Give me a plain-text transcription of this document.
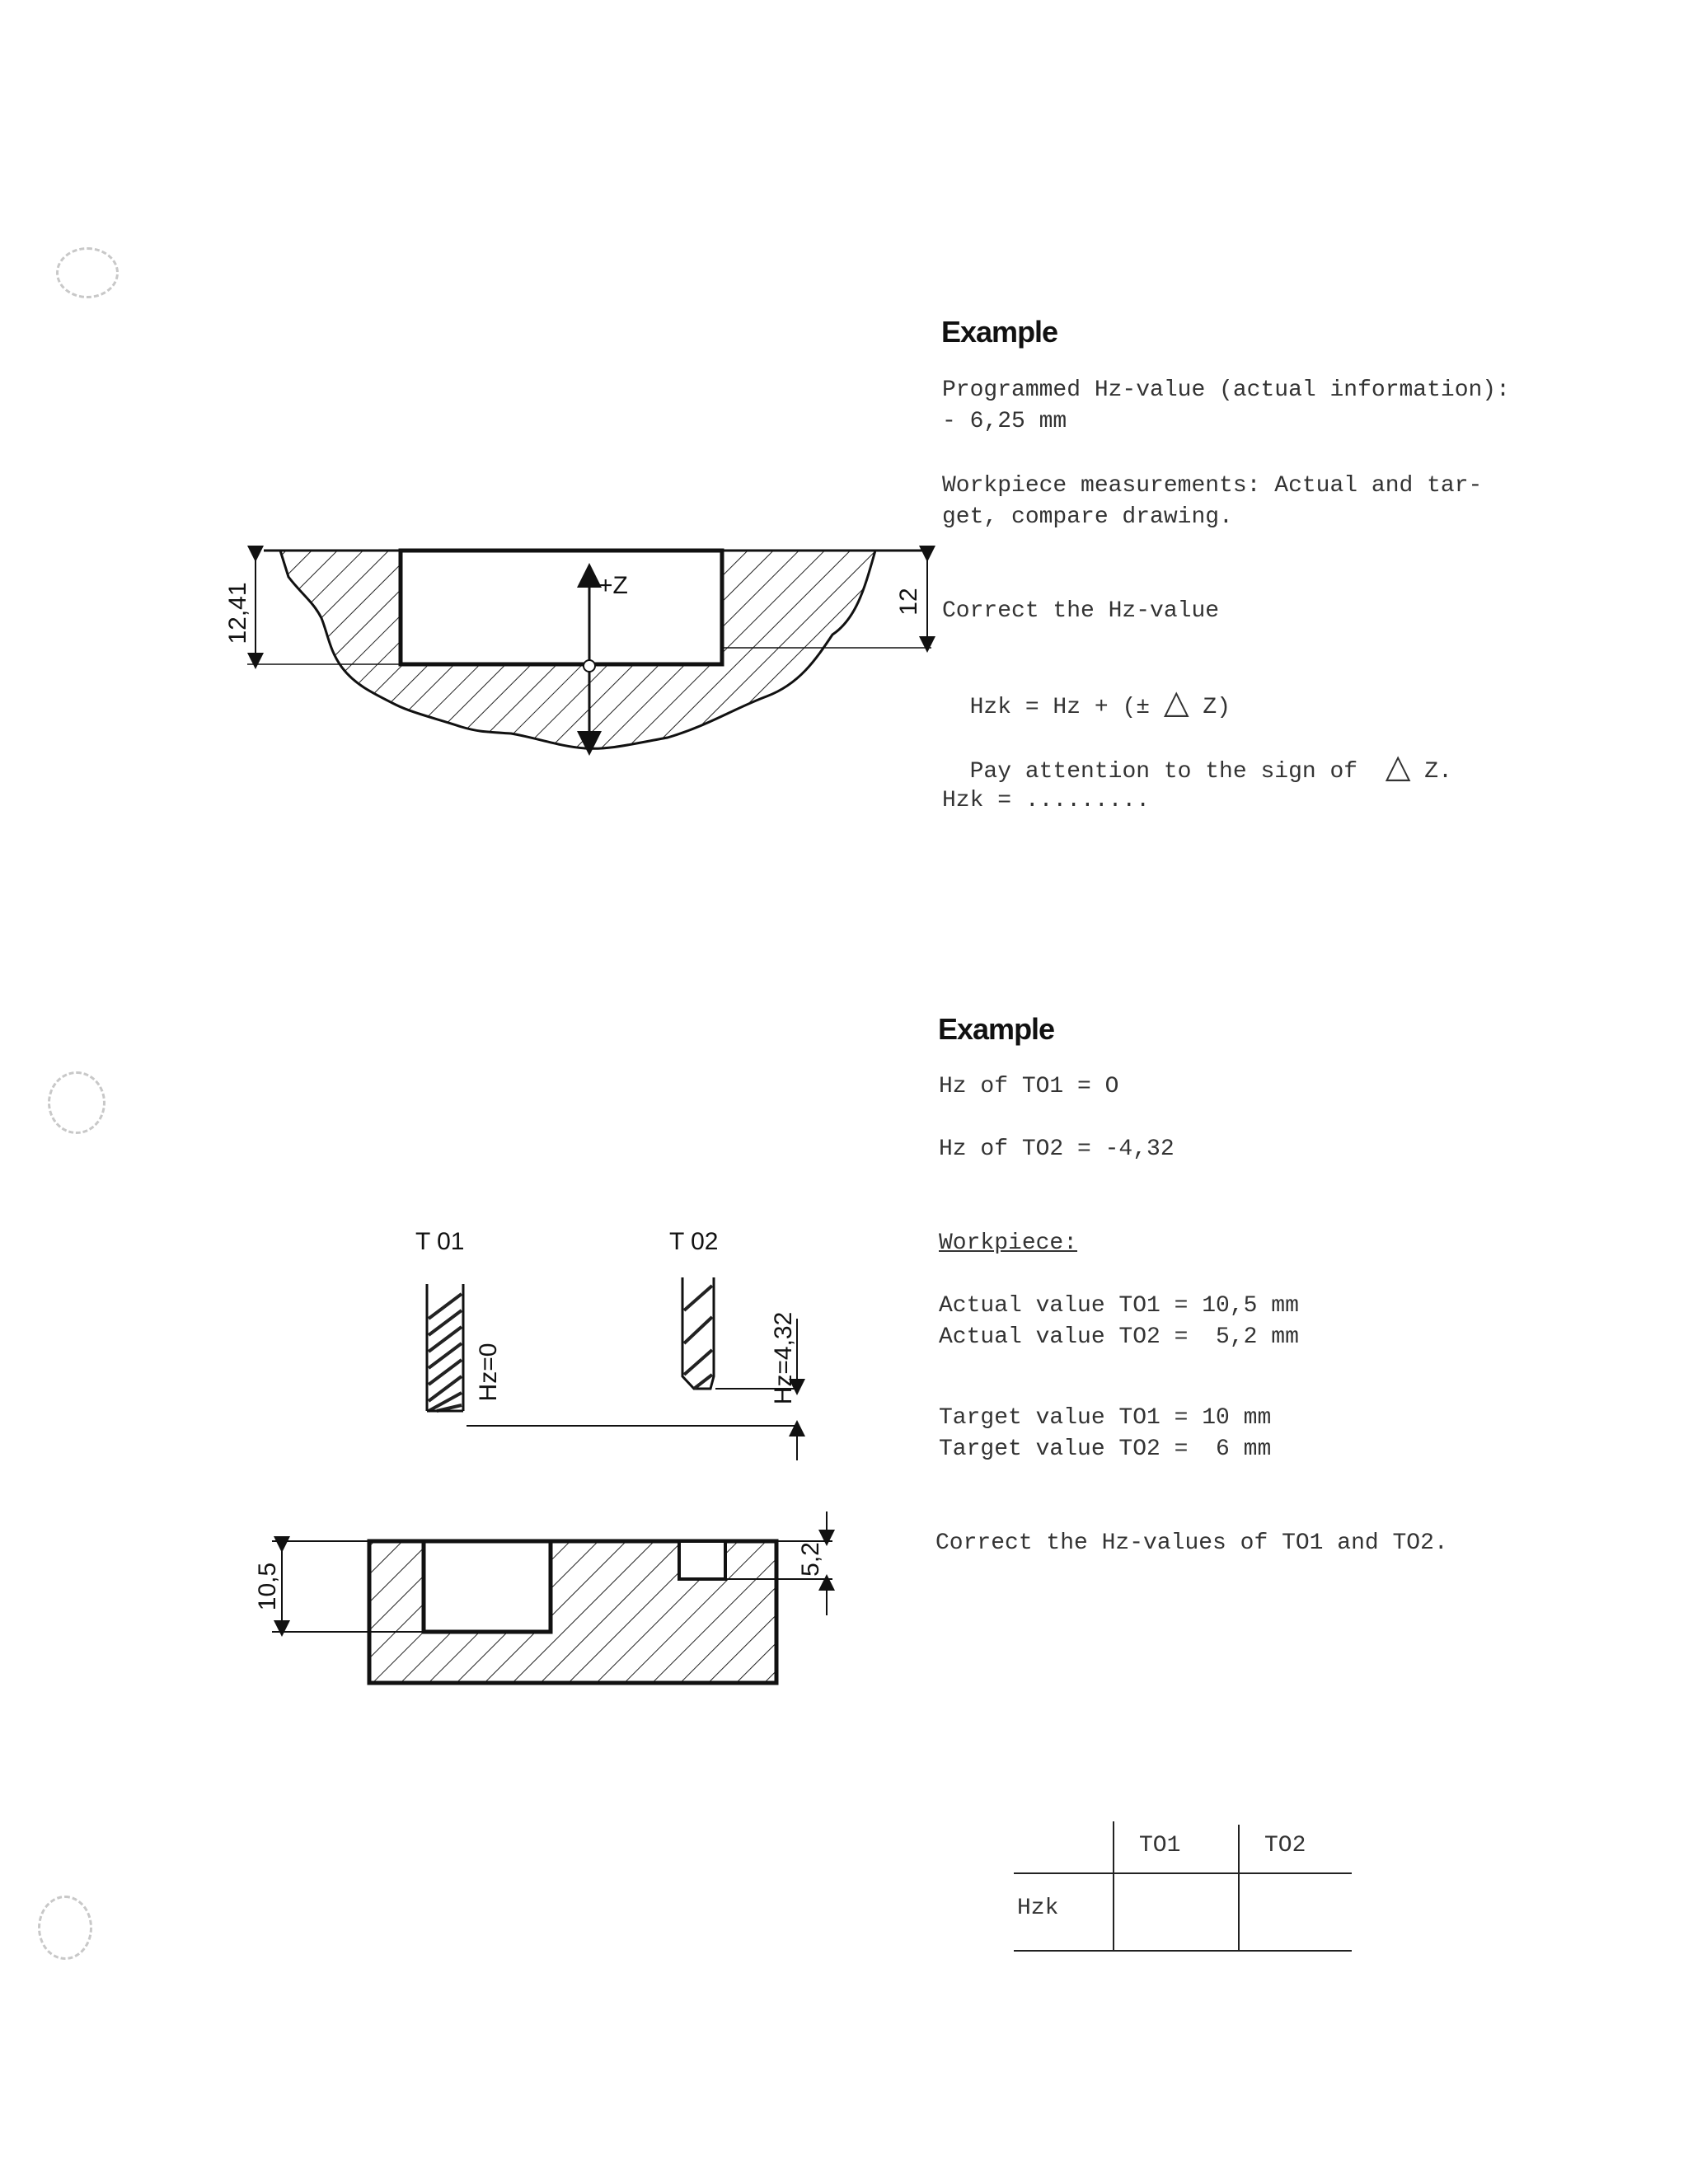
Example
Programmed Hz-value (actual information):
- 6,25 mm
Workpiece measurements: Actual and tar-
get, compare drawing.
Correct the Hz-value

Hzk = Hz + (± △ Z)

Pay attention to the sign of  △ Z.

Hzk = .........
12,41	12
+Z
Example
Hz of TO1 = O
Hz of TO2 = -4,32
Workpiece:
Actual value TO1 = 10,5 mm
Actual value TO2 =  5,2 mm
Target value TO1 = 10 mm
Target value TO2 =  6 mm
Correct the Hz-values of TO1 and TO2.
T 01	T 02
Hz=0	Hz=4,32
10,5
5,2
TO1	TO2
Hzk
